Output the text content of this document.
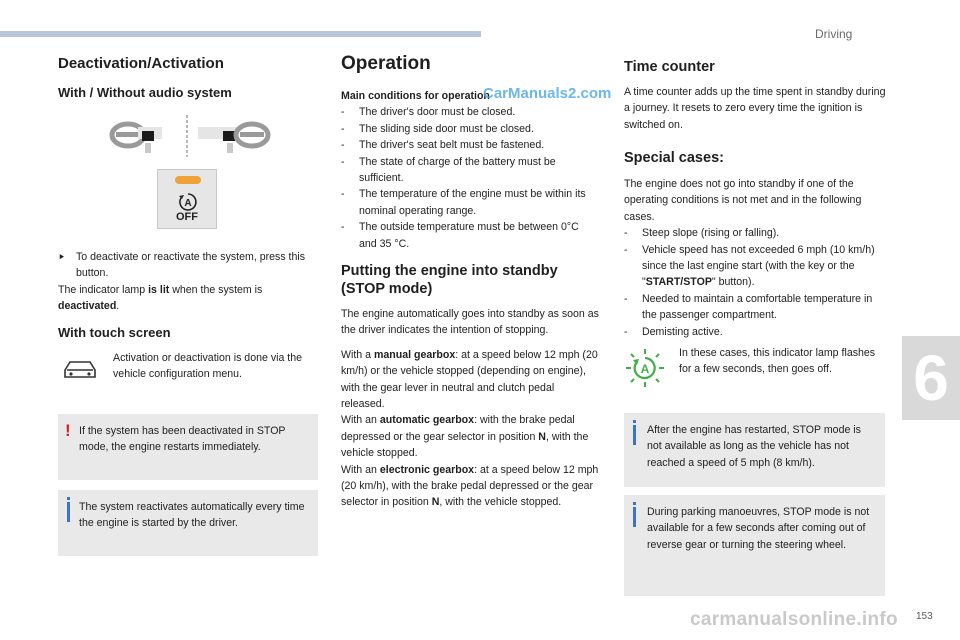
Driving
Deactivation/Activation
With / Without audio system
A
OFF
⯈ To deactivate or reactivate the system, press this button.

The indicator lamp is lit when the system is deactivated.

With touch screen

Activation or deactivation is done via the vehicle configuration menu.

! If the system has been deactivated in STOP mode, the engine restarts immediately.

The system reactivates automatically every time the engine is started by the driver.

Operation

Main conditions for operation

- The driver's door must be closed.
- The sliding side door must be closed.
- The driver's seat belt must be fastened.
- The state of charge of the battery must be sufficient.
- The temperature of the engine must be within its nominal operating range.
- The outside temperature must be between 0°C and 35 °C.
CarManuals2.com
Putting the engine into standby (STOP mode)

The engine automatically goes into standby as soon as the driver indicates the intention of stopping.

With a manual gearbox: at a speed below 12 mph (20 km/h) or the vehicle stopped (depending on engine), with the gear lever in neutral and clutch pedal released.

With an automatic gearbox: with the brake pedal depressed or the gear selector in position N, with the vehicle stopped.

With an electronic gearbox: at a speed below 12 mph (20 km/h), with the brake pedal depressed or the gear selector in position N, with the vehicle stopped.

Time counter

A time counter adds up the time spent in standby during a journey. It resets to zero every time the ignition is switched on.

Special cases:

The engine does not go into standby if one of the operating conditions is not met and in the following cases.

- Steep slope (rising or falling).
- Vehicle speed has not exceeded 6 mph (10 km/h) since the last engine start (with the key or the "START/STOP" button).
- Needed to maintain a comfortable temperature in the passenger compartment.
- Demisting active.
A

In these cases, this indicator lamp flashes for a few seconds, then goes off.

After the engine has restarted, STOP mode is not available as long as the vehicle has not reached a speed of 5 mph (8 km/h).

During parking manoeuvres, STOP mode is not available for a few seconds after coming out of reverse gear or turning the steering wheel.

6
153
carmanualsonline.info
